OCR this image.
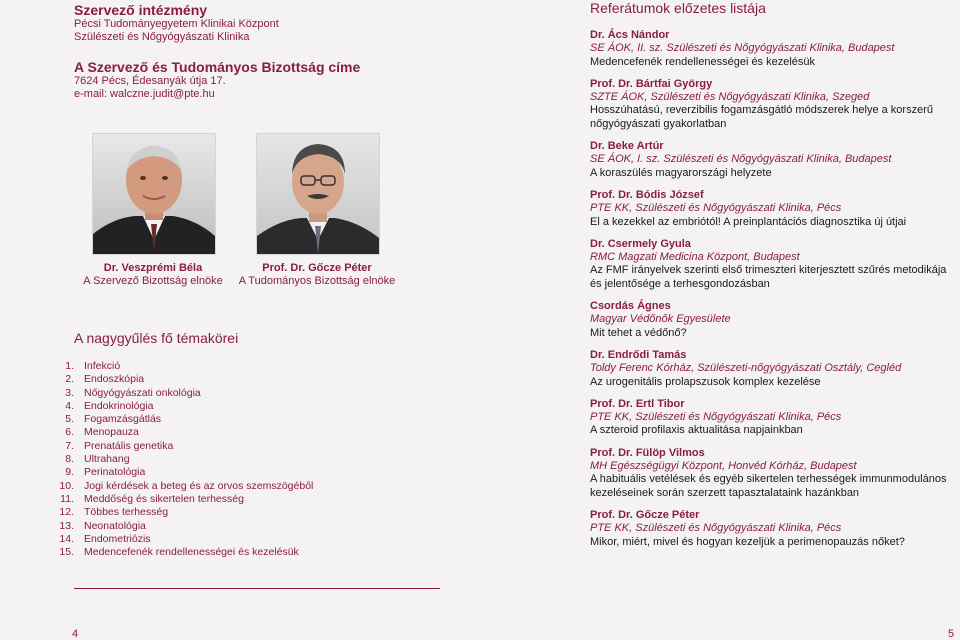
Szervező intézmény
Pécsi Tudományegyetem Klinikai Központ
Szülészeti és Nőgyógyászati Klinika
A Szervező és Tudományos Bizottság címe
7624 Pécs, Édesanyák útja 17.
e-mail: walczne.judit@pte.hu
Dr. Veszprémi Béla
A Szervező Bizottság elnöke
Prof. Dr. Gőcze Péter
A Tudományos Bizottság elnöke
A nagygyűlés fő témakörei
1. Infekció
2. Endoszkópia
3. Nőgyógyászati onkológia
4. Endokrinológia
5. Fogamzásgátlás
6. Menopauza
7. Prenatális genetika
8. Ultrahang
9. Perinatológia
10. Jogi kérdések a beteg és az orvos szemszögéből
11. Meddőség és sikertelen terhesség
12. Többes terhesség
13. Neonatológia
14. Endometriózis
15. Medencefenék rendellenességei és kezelésük
4
Referátumok előzetes listája
Dr. Ács Nándor
SE ÁOK, II. sz. Szülészeti és Nőgyógyászati Klinika, Budapest
Medencefenék rendellenességei és kezelésük
Prof. Dr. Bártfai György
SZTE ÁOK, Szülészeti és Nőgyógyászati Klinika, Szeged
Hosszúhatású, reverzibilis fogamzásgátló módszerek helye a korszerű nőgyógyászati gyakorlatban
Dr. Beke Artúr
SE ÁOK, I. sz. Szülészeti és Nőgyógyászati Klinika, Budapest
A koraszülés magyarországi helyzete
Prof. Dr. Bódis József
PTE KK, Szülészeti és Nőgyógyászati Klinika, Pécs
El a kezekkel az embriótól! A preinplantációs diagnosztika új útjai
Dr. Csermely Gyula
RMC Magzati Medicina Központ, Budapest
Az FMF irányelvek szerinti első trimeszteri kiterjesztett szűrés metodikája és jelentősége a terhesgondozásban
Csordás Ágnes
Magyar Védőnők Egyesülete
Mit tehet a védőnő?
Dr. Endrődi Tamás
Toldy Ferenc Kórház, Szülészeti-nőgyógyászati Osztály, Cegléd
Az urogenitális prolapszusok komplex kezelése
Prof. Dr. Ertl Tibor
PTE KK, Szülészeti és Nőgyógyászati Klinika, Pécs
A szteroid profilaxis aktualitása napjainkban
Prof. Dr. Fülöp Vilmos
MH Egészségügyi Központ, Honvéd Kórház, Budapest
A habituális vetélések és egyéb sikertelen terhességek immunmodulános kezeléseinek során szerzett tapasztalataink hazánkban
Prof. Dr. Gőcze Péter
PTE KK, Szülészeti és Nőgyógyászati Klinika, Pécs
Mikor, miért, mivel és hogyan kezeljük a perimenopauzás nőket?
5
